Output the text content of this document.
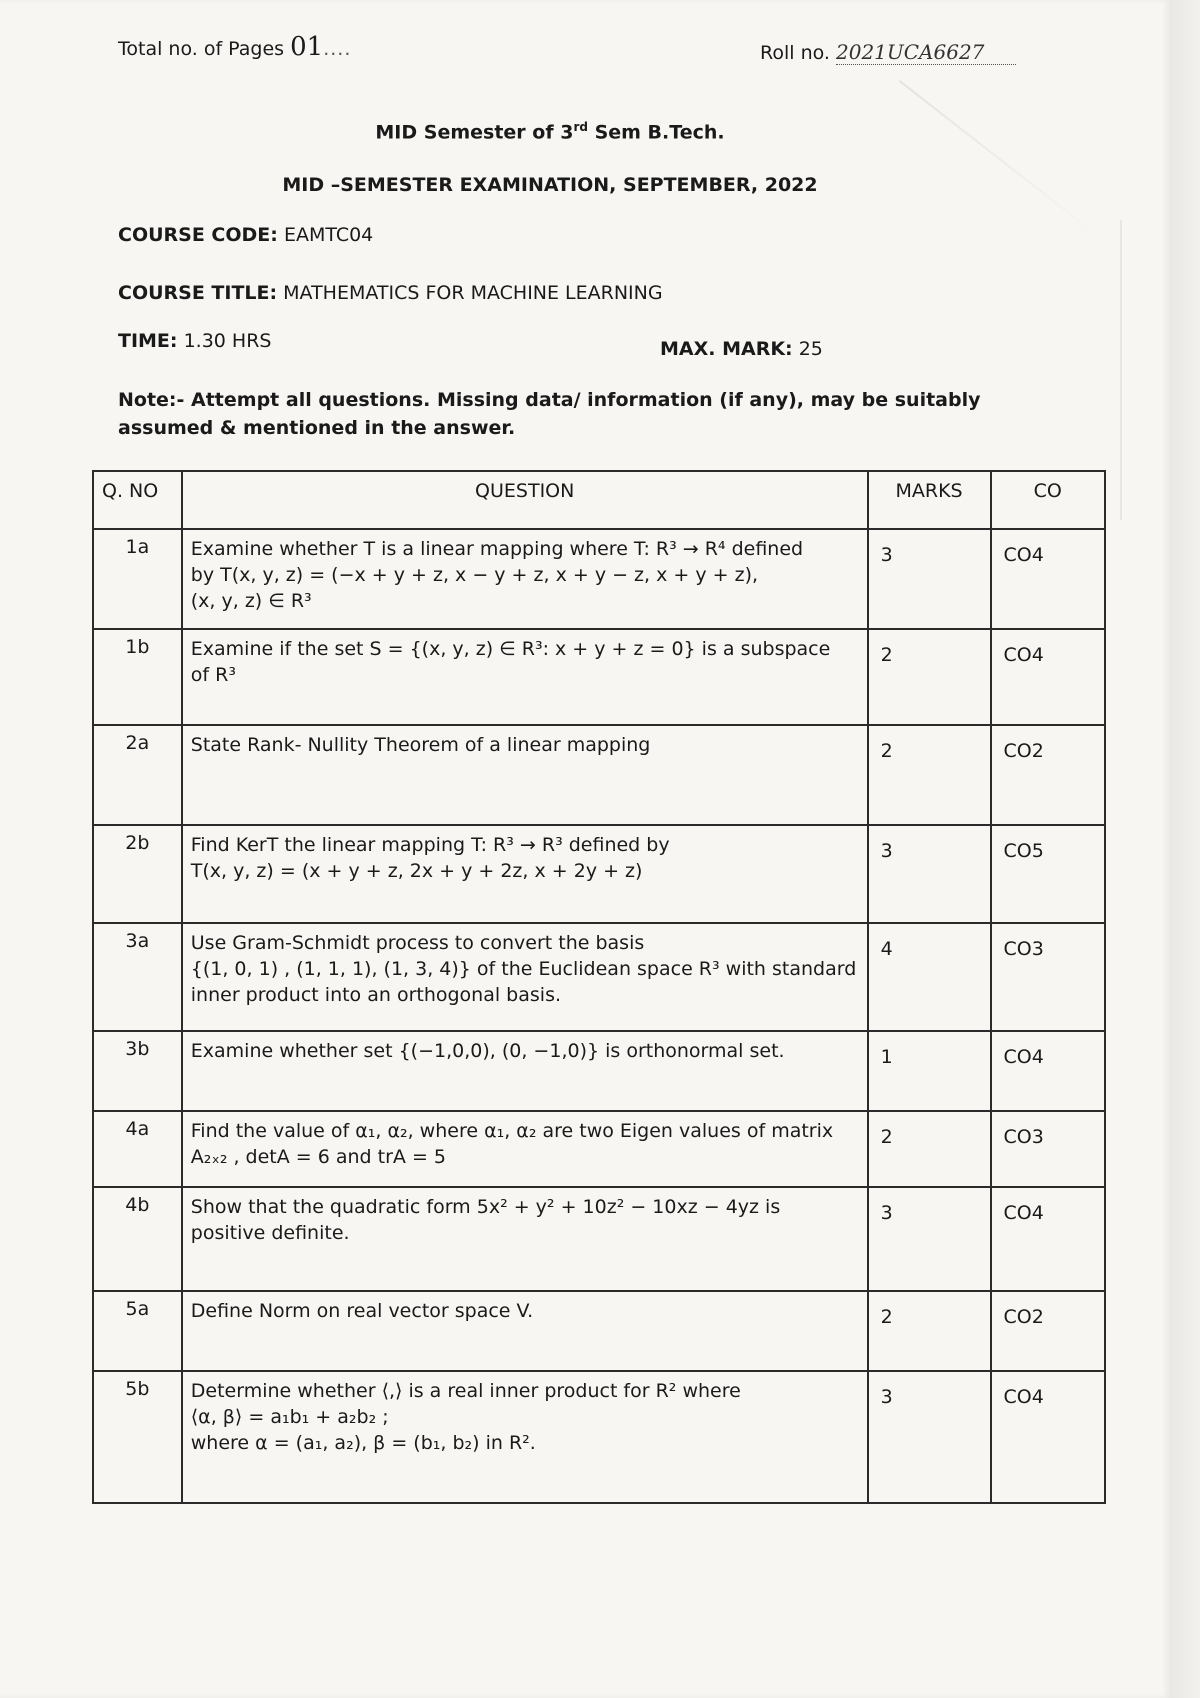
Total no. of Pages 01....	Roll no. 2021UCA6627
MID Semester of 3rd Sem B.Tech.
MID –SEMESTER EXAMINATION, SEPTEMBER, 2022
COURSE CODE: EAMTC04
COURSE TITLE: MATHEMATICS FOR MACHINE LEARNING
TIME: 1.30 HRS	MAX. MARK: 25
Note:- Attempt all questions. Missing data/ information (if any), may be suitably assumed & mentioned in the answer.
Q. NO	QUESTION	MARKS	CO
1a	Examine whether T is a linear mapping where T: R³ → R⁴ defined
by T(x, y, z) = (−x + y + z, x − y + z, x + y − z, x + y + z),
(x, y, z) ∈ R³	3	CO4
1b	Examine if the set S = {(x, y, z) ∈ R³: x + y + z = 0} is a subspace
of R³	2	CO4
2a	State Rank- Nullity Theorem of a linear mapping	2	CO2
2b	Find KerT the linear mapping T: R³ → R³ defined by
T(x, y, z) = (x + y + z, 2x + y + 2z, x + 2y + z)	3	CO5
3a	Use Gram-Schmidt process to convert the basis
{(1, 0, 1) , (1, 1, 1), (1, 3, 4)} of the Euclidean space R³ with standard
inner product into an orthogonal basis.	4	CO3
3b	Examine whether set {(−1,0,0), (0, −1,0)} is orthonormal set.	1	CO4
4a	Find the value of α₁, α₂, where α₁, α₂ are two Eigen values of matrix
A₂ₓ₂ , detA = 6 and trA = 5	2	CO3
4b	Show that the quadratic form 5x² + y² + 10z² − 10xz − 4yz is
positive definite.	3	CO4
5a	Define Norm on real vector space V.	2	CO2
5b	Determine whether ⟨,⟩ is a real inner product for R² where
⟨α, β⟩ = a₁b₁ + a₂b₂ ;
where α = (a₁, a₂), β = (b₁, b₂) in R².	3	CO4
